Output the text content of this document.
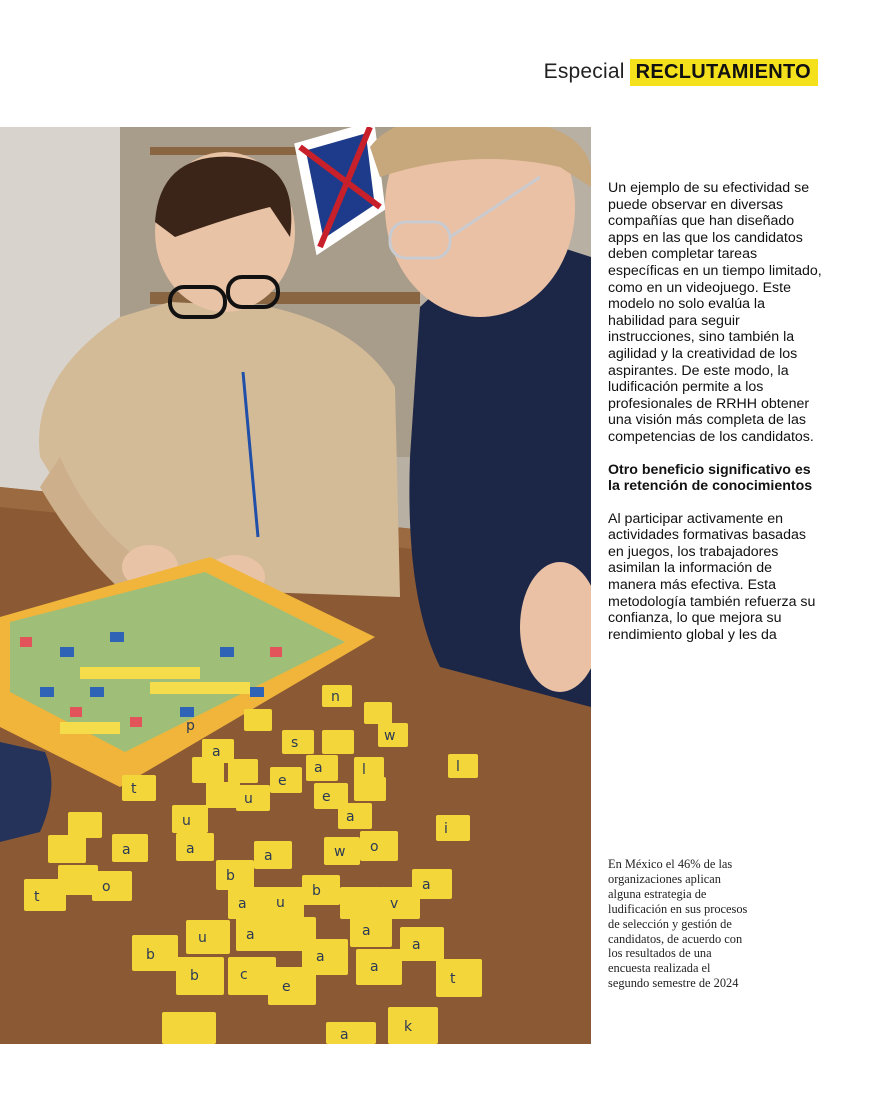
Especial RECLUTAMIENTO
p
n
w
s
a
t	e
a	l	l
u	e
u	a
i
a	a	a	w o
b
b	a
o
t	a u	v
u	a	a
a
b	a
a
t
b	c
e
k
a

Un ejemplo de su efectividad se puede observar en diversas compañías que han diseñado apps en las que los candidatos deben completar tareas específicas en un tiempo limitado, como en un videojuego. Este modelo no solo evalúa la habilidad para seguir instrucciones, sino también la agilidad y la creatividad de los aspirantes. De este modo, la ludificación permite a los profesionales de RRHH obtener una visión más completa de las competencias de los candidatos.

Otro beneficio significativo es la retención de conocimientos

Al participar activamente en actividades formativas basadas en juegos, los trabajadores asimilan la información de manera más efectiva. Esta metodología también refuerza su confianza, lo que mejora su rendimiento global y les da

En México el 46% de las organizaciones aplican alguna estrategia de ludificación en sus procesos de selección y gestión de candidatos, de acuerdo con los resultados de una encuesta realizada el segundo semestre de 2024
